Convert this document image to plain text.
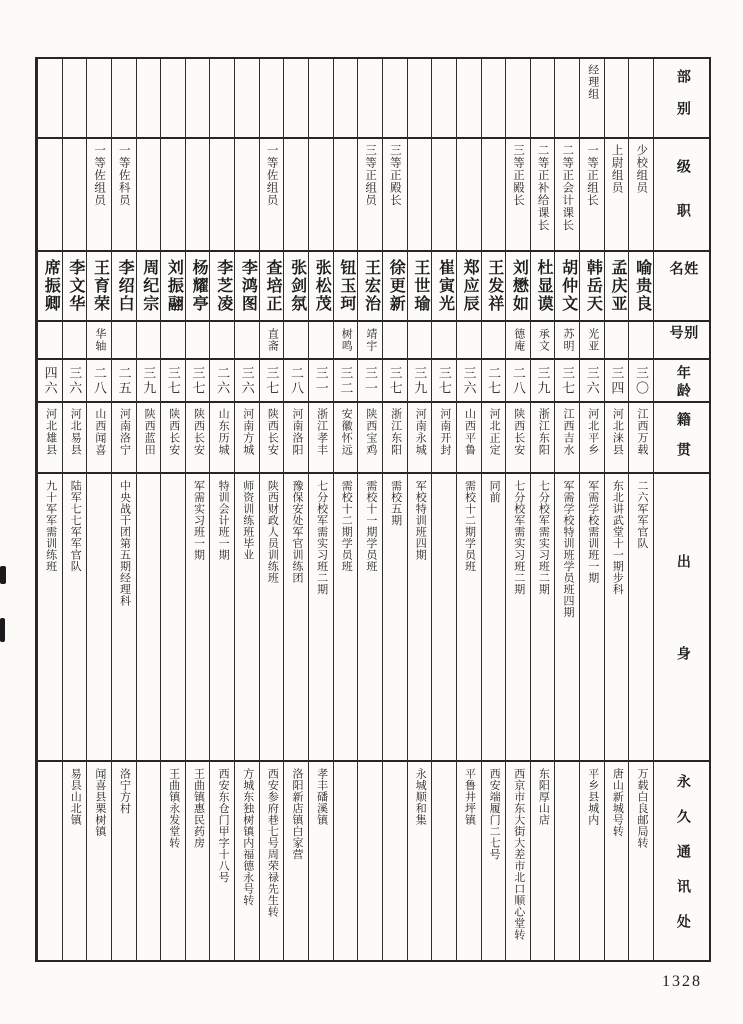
部别
级职
姓名
别号
年龄
籍贯
出身
永久通讯处
少校组员
喻贵良
三〇
江西万载
二六军军官队
万载白良邮局转
上尉组员
孟庆亚
三四
河北涞县
东北讲武堂十一期步科
唐山新城号转
经理组
一等正组长
韩岳天
光亚
三六
河北平乡
军需学校需训班一期
平乡县城内
二等正会计课长
胡仲文
苏明
三七
江西吉水
军需学校特训班学员班四期
二等正补给课长
杜显谟
承文
三九
浙江东阳
七分校军需实习班二期
东阳厚山店
三等正殿长
刘懋如
德庵
二八
陕西长安
七分校军需实习班二期
西京市东大街大差市北口顺心堂转
王发祥
二七
河北正定
同前
西安端履门二七号
郑应辰
三六
山西平鲁
需校十二期学员班
平鲁井坪镇
崔寅光
三七
河南开封
王世瑜
三九
河南永城
军校特训班四期
永城顺和集
三等正殿长
徐更新
三七
浙江东阳
需校五期
三等正组员
王宏治
靖宇
三一
陕西宝鸡
需校十一期学员班
钮玉珂
树鸣
三二
安徽怀远
需校十二期学员班
张松茂
三一
浙江孝丰
七分校军需实习班二期
孝丰磻溪镇
张剑氛
二八
河南洛阳
豫保安处军官训练团
洛阳新店镇白家营
一等佐组员
查培正
直斋
三七
陕西长安
陕西财政人员训练班
西安参府巷七号周荣禄先生转
李鸿图
三六
河南方城
师资训练班毕业
方城东独树镇内福德永号转
李芝凌
二六
山东历城
特训会计班一期
西安东仓门甲字十八号
杨耀亭
三七
陕西长安
军需实习班一期
王曲镇惠民药房
刘振翮
三七
陕西长安
王曲镇永发堂转
周纪宗
三九
陕西蓝田
一等佐科员
李绍白
二五
河南洛宁
中央战干团第五期经理科
洛宁方村
一等佐组员
王育荣
华轴
二八
山西闻喜
闻喜县栗树镇
李文华
三六
河北易县
陆军七七军军官队
易县山北镇
席振卿
四六
河北雄县
九十军军需训练班
1328
